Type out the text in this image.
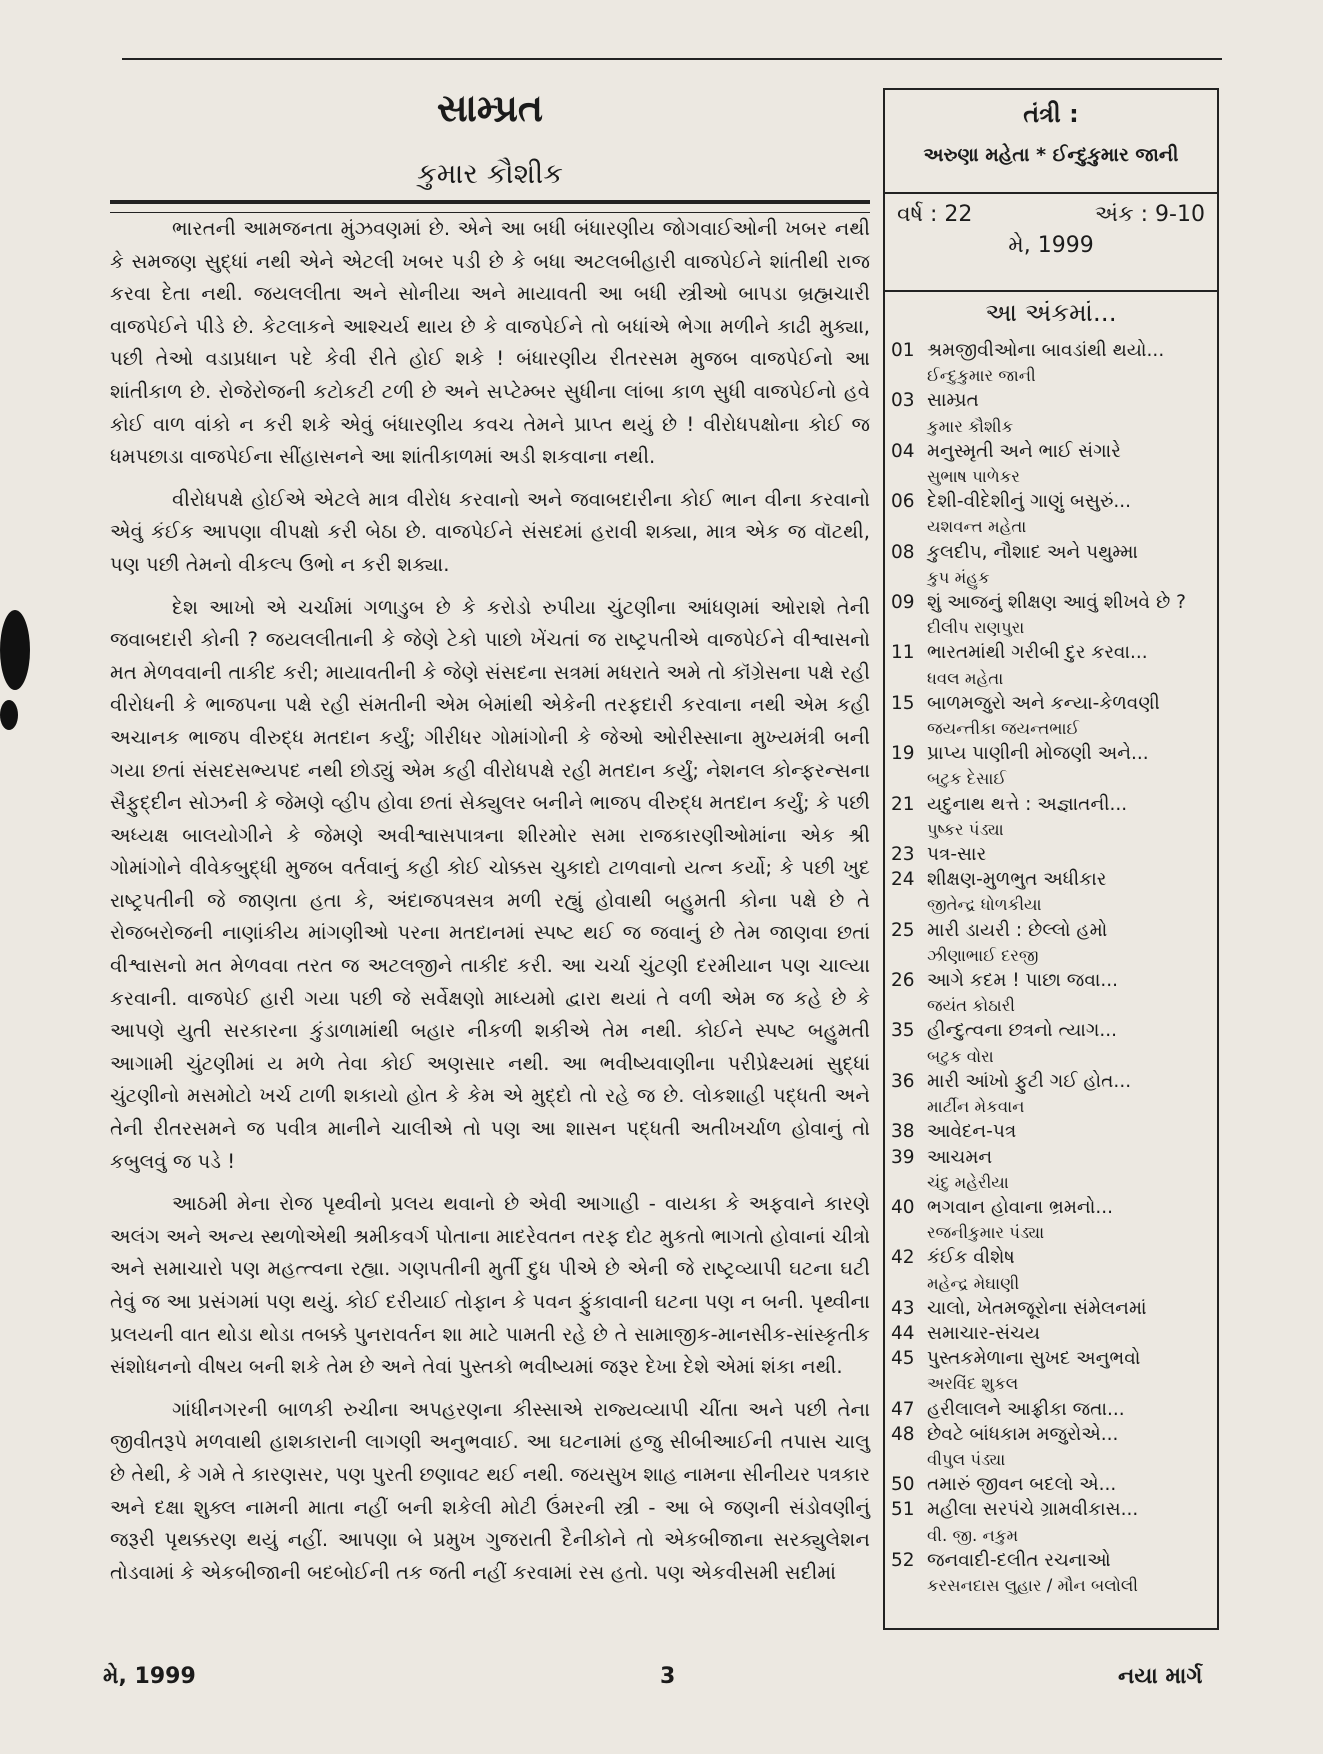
સામ્પ્રત
કુમાર કૌશીક

ભારતની આમજનતા મુંઝવણમાં છે. એને આ બધી બંધારણીય જોગવાઈઓની ખબર નથી કે સમજણ સુદ્ધાં નથી એને એટલી ખબર પડી છે કે બધા અટલબીહારી વાજપેઈને શાંતીથી રાજ કરવા દેતા નથી. જયલલીતા અને સોનીયા અને માયાવતી આ બધી સ્ત્રીઓ બાપડા બ્રહ્મચારી વાજપેઈને પીડે છે. કેટલાકને આશ્ચર્ય થાય છે કે વાજપેઈને તો બધાંએ ભેગા મળીને કાઢી મુક્યા, પછી તેઓ વડાપ્રધાન પદે કેવી રીતે હોઈ શકે ! બંધારણીય રીતરસમ મુજબ વાજપેઈનો આ શાંતીકાળ છે. રોજેરોજની કટોકટી ટળી છે અને સપ્ટેમ્બર સુધીના લાંબા કાળ સુધી વાજપેઈનો હવે કોઈ વાળ વાંકો ન કરી શકે એવું બંધારણીય કવચ તેમને પ્રાપ્ત થયું છે ! વીરોધપક્ષોના કોઈ જ ધમપછાડા વાજપેઈના સીંહાસનને આ શાંતીકાળમાં અડી શકવાના નથી.

વીરોધપક્ષે હોઈએ એટલે માત્ર વીરોધ કરવાનો અને જવાબદારીના કોઈ ભાન વીના કરવાનો એવું કંઈક આપણા વીપક્ષો કરી બેઠા છે. વાજપેઈને સંસદમાં હરાવી શક્યા, માત્ર એક જ વૉટથી, પણ પછી તેમનો વીકલ્પ ઉભો ન કરી શક્યા.

દેશ આખો એ ચર્ચામાં ગળાડુબ છે કે કરોડો રુપીયા ચુંટણીના આંધણમાં ઓરાશે તેની જવાબદારી કોની ? જયલલીતાની કે જેણે ટેકો પાછો ખેંચતાં જ રાષ્ટ્રપતીએ વાજપેઈને વીશ્વાસનો મત મેળવવાની તાકીદ કરી; માયાવતીની કે જેણે સંસદના સત્રમાં મધરાતે અમે તો કૉંગ્રેસના પક્ષે રહી વીરોધની કે ભાજપના પક્ષે રહી સંમતીની એમ બેમાંથી એકેની તરફદારી કરવાના નથી એમ કહી અચાનક ભાજપ વીરુદ્ધ મતદાન કર્યું; ગીરીધર ગોમાંગોની કે જેઓ ઓરીસ્સાના મુખ્યમંત્રી બની ગયા છતાં સંસદસભ્યપદ નથી છોડ્યું એમ કહી વીરોધપક્ષે રહી મતદાન કર્યું; નેશનલ કોન્ફરન્સના સૈફુદ્દીન સોઝની કે જેમણે વ્હીપ હોવા છતાં સેક્યુલર બનીને ભાજપ વીરુદ્ધ મતદાન કર્યું; કે પછી અધ્યક્ષ બાલયોગીને કે જેમણે અવીશ્વાસપાત્રના શીરમોર સમા રાજકારણીઓમાંના એક શ્રી ગોમાંગોને વીવેકબુદ્ધી મુજબ વર્તવાનું કહી કોઈ ચોક્કસ ચુકાદો ટાળવાનો યત્ન કર્યો; કે પછી ખુદ રાષ્ટ્રપતીની જે જાણતા હતા કે, અંદાજપત્રસત્ર મળી રહ્યું હોવાથી બહુમતી કોના પક્ષે છે તે રોજબરોજની નાણાંકીય માંગણીઓ પરના મતદાનમાં સ્પષ્ટ થઈ જ જવાનું છે તેમ જાણવા છતાં વીશ્વાસનો મત મેળવવા તરત જ અટલજીને તાકીદ કરી. આ ચર્ચા ચુંટણી દરમીયાન પણ ચાલ્યા કરવાની. વાજપેઈ હારી ગયા પછી જે સર્વેક્ષણો માધ્યમો દ્વારા થયાં તે વળી એમ જ કહે છે કે આપણે યુતી સરકારના કુંડાળામાંથી બહાર નીકળી શકીએ તેમ નથી. કોઈને સ્પષ્ટ બહુમતી આગામી ચુંટણીમાં ય મળે તેવા કોઈ અણસાર નથી. આ ભવીષ્યવાણીના પરીપ્રેક્ષ્યમાં સુદ્ધાં ચુંટણીનો મસમોટો ખર્ચ ટાળી શકાયો હોત કે કેમ એ મુદ્દો તો રહે જ છે. લોકશાહી પદ્ધતી અને તેની રીતરસમને જ પવીત્ર માનીને ચાલીએ તો પણ આ શાસન પદ્ધતી અતીખર્ચાળ હોવાનું તો કબુલવું જ પડે !

આઠમી મેના રોજ પૃથ્વીનો પ્રલય થવાનો છે એવી આગાહી - વાયકા કે અફવાને કારણે અલંગ અને અન્ય સ્થળોએથી શ્રમીકવર્ગ પોતાના માદરેવતન તરફ દોટ મુકતો ભાગતો હોવાનાં ચીત્રો અને સમાચારો પણ મહત્ત્વના રહ્યા. ગણપતીની મુર્તી દુધ પીએ છે એની જે રાષ્ટ્રવ્યાપી ઘટના ઘટી તેવું જ આ પ્રસંગમાં પણ થયું. કોઈ દરીયાઈ તોફાન કે પવન ફુંકાવાની ઘટના પણ ન બની. પૃથ્વીના પ્રલયની વાત થોડા થોડા તબક્કે પુનરાવર્તન શા માટે પામતી રહે છે તે સામાજીક-માનસીક-સાંસ્કૃતીક સંશોધનનો વીષય બની શકે તેમ છે અને તેવાં પુસ્તકો ભવીષ્યમાં જરૂર દેખા દેશે એમાં શંકા નથી.

ગાંધીનગરની બાળકી રુચીના અપહરણના કીસ્સાએ રાજ્યવ્યાપી ચીંતા અને પછી તેના જીવીતરૂપે મળવાથી હાશકારાની લાગણી અનુભવાઈ. આ ઘટનામાં હજુ સીબીઆઈની તપાસ ચાલુ છે તેથી, કે ગમે તે કારણસર, પણ પુરતી છણાવટ થઈ નથી. જયસુખ શાહ નામના સીનીયર પત્રકાર અને દક્ષા શુક્લ નામની માતા નહીં બની શકેલી મોટી ઉંમરની સ્ત્રી - આ બે જણની સંડોવણીનું જરૂરી પૃથક્કરણ થયું નહીં. આપણા બે પ્રમુખ ગુજરાતી દૈનીકોને તો એકબીજાના સરક્યુલેશન તોડવામાં કે એકબીજાની બદબોઈની તક જતી નહીં કરવામાં રસ હતો. પણ એકવીસમી સદીમાં

તંત્રી :
અરુણા મહેતા * ઈન્દુકુમાર જાની
વર્ષ : 22	અંક : 9-10
મે, 1999
આ અંકમાં...
01 શ્રમજીવીઓના બાવડાંથી થયો...
ઈન્દુકુમાર જાની
03 સામ્પ્રત
કુમાર કૌશીક
04 મનુસ્મૃતી અને ભાઈ સંગારે
સુભાષ પાળેકર
06 દેશી-વીદેશીનું ગાણું બસુરું...
યશવન્ત મહેતા
08 કુલદીપ, નૌશાદ અને પથુમ્મા
કુપ મંહુક
09 શું આજનું શીક્ષણ આવું શીખવે છે ?
દીલીપ રાણપુરા
11 ભારતમાંથી ગરીબી દુર કરવા...
ધવલ મહેતા
15 બાળમજુરો અને કન્યા-કેળવણી
જયન્તીકા જયન્તભાઈ
19 પ્રાપ્ય પાણીની મોજણી અને...
બટુક દેસાઈ
21 યદુનાથ થત્તે : અજ્ઞાતની...
પુષ્કર પંડ્યા
23 પત્ર-સાર
24 શીક્ષણ-મુળભુત અધીકાર
જીતેન્દ્ર ધોળકીયા
25 મારી ડાયરી : છેલ્લો હમો
ઝીણાભાઈ દરજી
26 આગે કદમ ! પાછા જવા...
જયંત કોઠારી
35 હીન્દુત્વના છત્રનો ત્યાગ...
બટુક વોરા
36 મારી આંખો ફુટી ગઈ હોત...
માર્ટીન મેકવાન
38 આવેદન-પત્ર
39 આચમન
ચંદુ મહેરીયા
40 ભગવાન હોવાના ભ્રમનો...
રજનીકુમાર પંડ્યા
42 કંઈક વીશેષ
મહેન્દ્ર મેઘાણી
43 ચાલો, ખેતમજૂરોના સંમેલનમાં
44 સમાચાર-સંચય
45 પુસ્તકમેળાના સુખદ અનુભવો
અરવિંદ શુકલ
47 હરીલાલને આફ્રીકા જતા...
48 છેવટે બાંધકામ મજુરોએ...
વીપુલ પંડ્યા
50 તમારું જીવન બદલો એ...
51 મહીલા સરપંચે ગ્રામવીકાસ...
વી. જી. નકુમ
52 જનવાદી-દલીત રચનાઓ
કરસનદાસ લુહાર / મૌન બલોલી
મે, 1999	3	નયા માર્ગ
